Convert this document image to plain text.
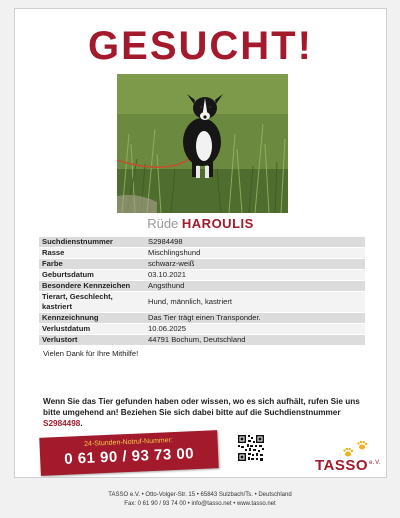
GESUCHT!
Rüde HAROULIS
Suchdienstnummer	S2984498
Rasse	Mischlingshund
Farbe	schwarz-weiß
Geburtsdatum	03.10.2021
Besondere Kennzeichen	Angsthund
Tierart, Geschlecht, kastriert	Hund, männlich, kastriert
Kennzeichnung	Das Tier trägt einen Transponder.
Verlustdatum	10.06.2025
Verlustort	44791 Bochum, Deutschland
Vielen Dank für Ihre Mithilfe!
Wenn Sie das Tier gefunden haben oder wissen, wo es sich aufhält, rufen Sie uns bitte umgehend an! Beziehen Sie sich dabei bitte auf die Suchdienstnummer S2984498.
24-Stunden-Notruf-Nummer:
0 61 90 / 93 73 00	$TASSO^{e.V.}$
TASSO e.V. • Otto-Volger-Str. 15 • 65843 Sulzbach/Ts. • Deutschland
Fax: 0 61 90 / 93 74 00 • info@tasso.net • www.tasso.net
